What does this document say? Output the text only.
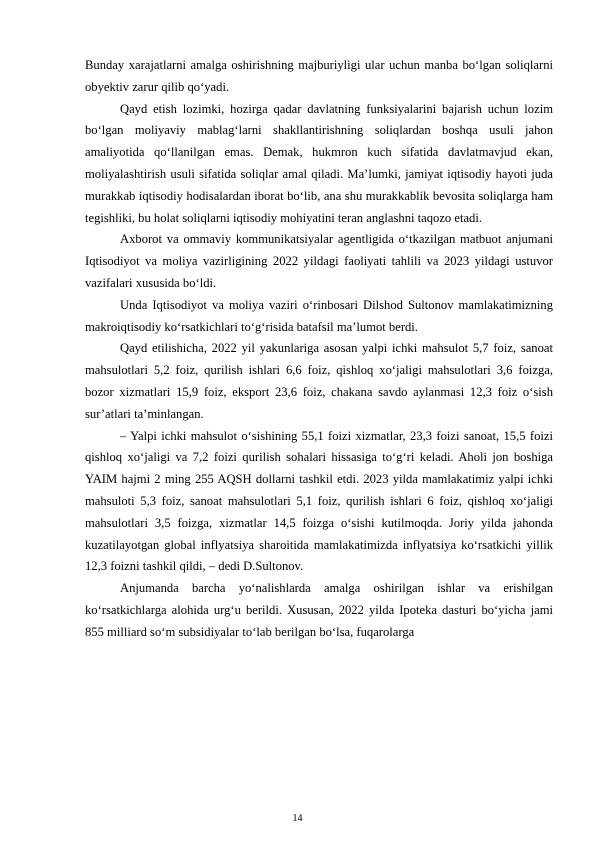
Bunday xarajatlarni amalga oshirishning majburiyligi ular uchun manba bo‘lgan soliqlarni obyektiv zarur qilib qo‘yadi.

Qayd etish lozimki, hozirga qadar davlatning funksiyalarini bajarish uchun lozim bo‘lgan moliyaviy mablag‘larni shakllantirishning soliqlardan boshqa usuli jahon amaliyotida qo‘llanilgan emas. Demak, hukmron kuch sifatida davlatmavjud ekan, moliyalashtirish usuli sifatida soliqlar amal qiladi. Ma’lumki, jamiyat iqtisodiy hayoti juda murakkab iqtisodiy hodisalardan iborat bo‘lib, ana shu murakkablik bevosita soliqlarga ham tegishliki, bu holat soliqlarni iqtisodiy mohiyatini teran anglashni taqozo etadi.

Axborot va ommaviy kommunikatsiyalar agentligida o‘tkazilgan matbuot anjumani Iqtisodiyot va moliya vazirligining 2022 yildagi faoliyati tahlili va 2023 yildagi ustuvor vazifalari xususida bo‘ldi.

Unda Iqtisodiyot va moliya vaziri o‘rinbosari Dilshod Sultonov mamlakatimizning makroiqtisodiy ko‘rsatkichlari to‘g‘risida batafsil ma’lumot berdi.

Qayd etilishicha, 2022 yil yakunlariga asosan yalpi ichki mahsulot 5,7 foiz, sanoat mahsulotlari 5,2 foiz, qurilish ishlari 6,6 foiz, qishloq xo‘jaligi mahsulotlari 3,6 foizga, bozor xizmatlari 15,9 foiz, eksport 23,6 foiz, chakana savdo aylanmasi 12,3 foiz o‘sish sur’atlari ta’minlangan.

– Yalpi ichki mahsulot o‘sishining 55,1 foizi xizmatlar, 23,3 foizi sanoat, 15,5 foizi qishloq xo‘jaligi va 7,2 foizi qurilish sohalari hissasiga to‘g‘ri keladi. Aholi jon boshiga YAIM hajmi 2 ming 255 AQSH dollarni tashkil etdi. 2023 yilda mamlakatimiz yalpi ichki mahsuloti 5,3 foiz, sanoat mahsulotlari 5,1 foiz, qurilish ishlari 6 foiz, qishloq xo‘jaligi mahsulotlari 3,5 foizga, xizmatlar 14,5 foizga o‘sishi kutilmoqda. Joriy yilda jahonda kuzatilayotgan global inflyatsiya sharoitida mamlakatimizda inflyatsiya ko‘rsatkichi yillik 12,3 foizni tashkil qildi, – dedi D.Sultonov.

Anjumanda barcha yo‘nalishlarda amalga oshirilgan ishlar va erishilgan ko‘rsatkichlarga alohida urg‘u berildi. Xususan, 2022 yilda Ipoteka dasturi bo‘yicha jami 855 milliard so‘m subsidiyalar to‘lab berilgan bo‘lsa, fuqarolarga

14
